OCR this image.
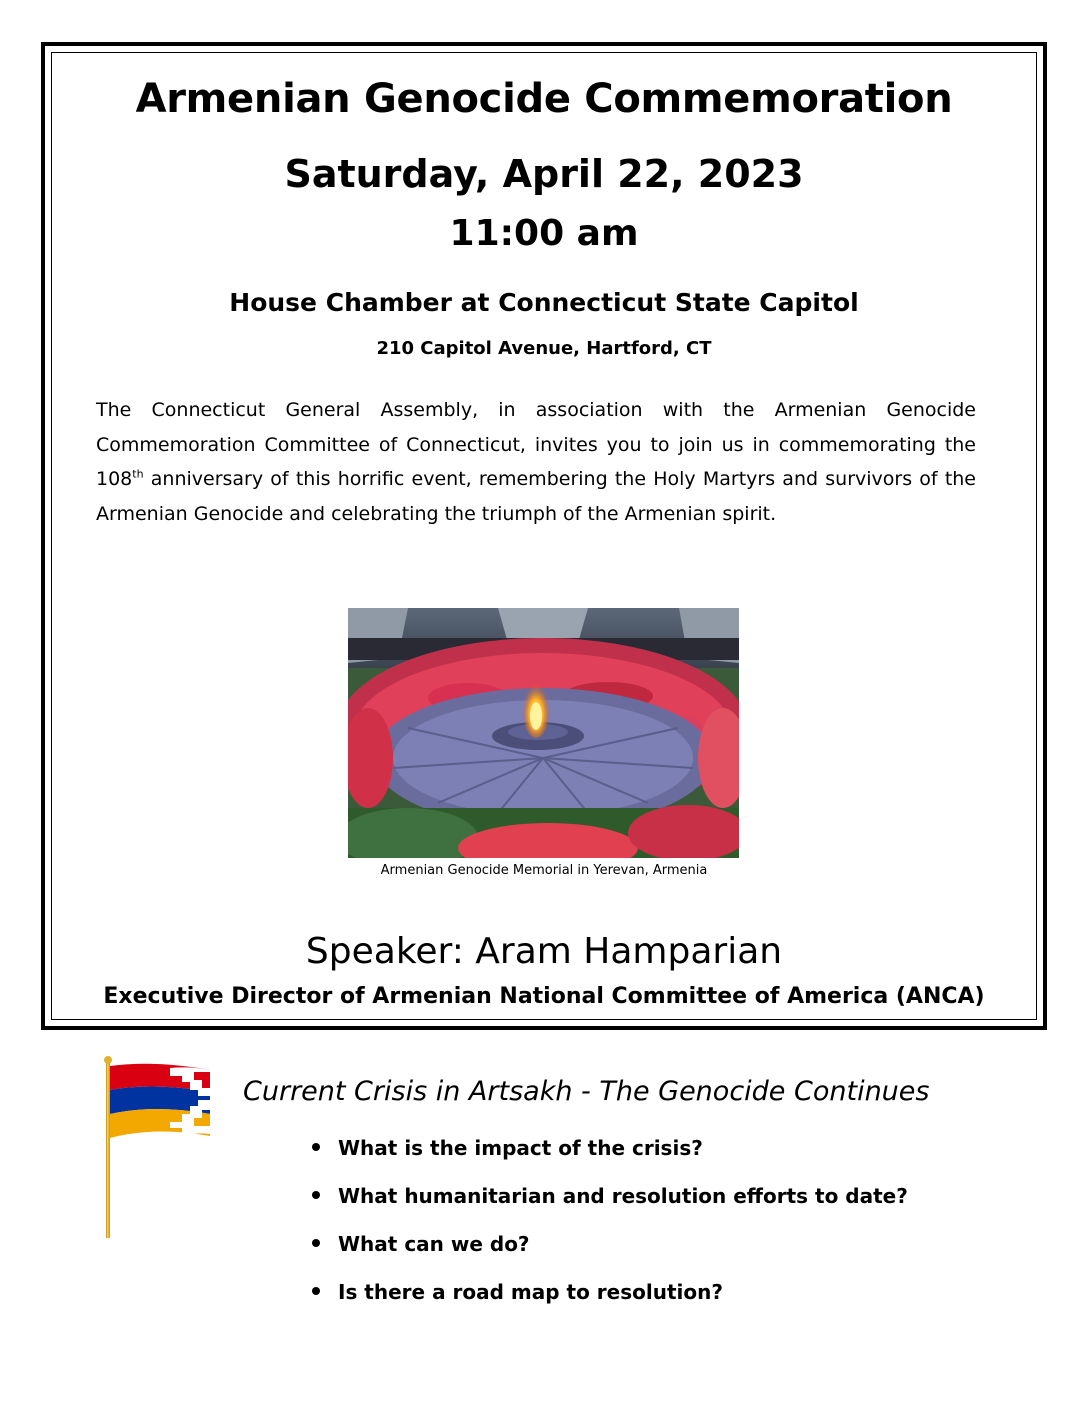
Armenian Genocide Commemoration
Saturday, April 22, 2023
11:00 am
House Chamber at Connecticut State Capitol
210 Capitol Avenue, Hartford, CT

The Connecticut General Assembly, in association with the Armenian Genocide Commemoration Committee of Connecticut, invites you to join us in commemorating the 108th anniversary of this horrific event, remembering the Holy Martyrs and survivors of the Armenian Genocide and celebrating the triumph of the Armenian spirit.

Armenian Genocide Memorial in Yerevan, Armenia
Speaker: Aram Hamparian
Executive Director of Armenian National Committee of America (ANCA)
Current Crisis in Artsakh - The Genocide Continues
What is the impact of the crisis?
What humanitarian and resolution efforts to date?
What can we do?
Is there a road map to resolution?
